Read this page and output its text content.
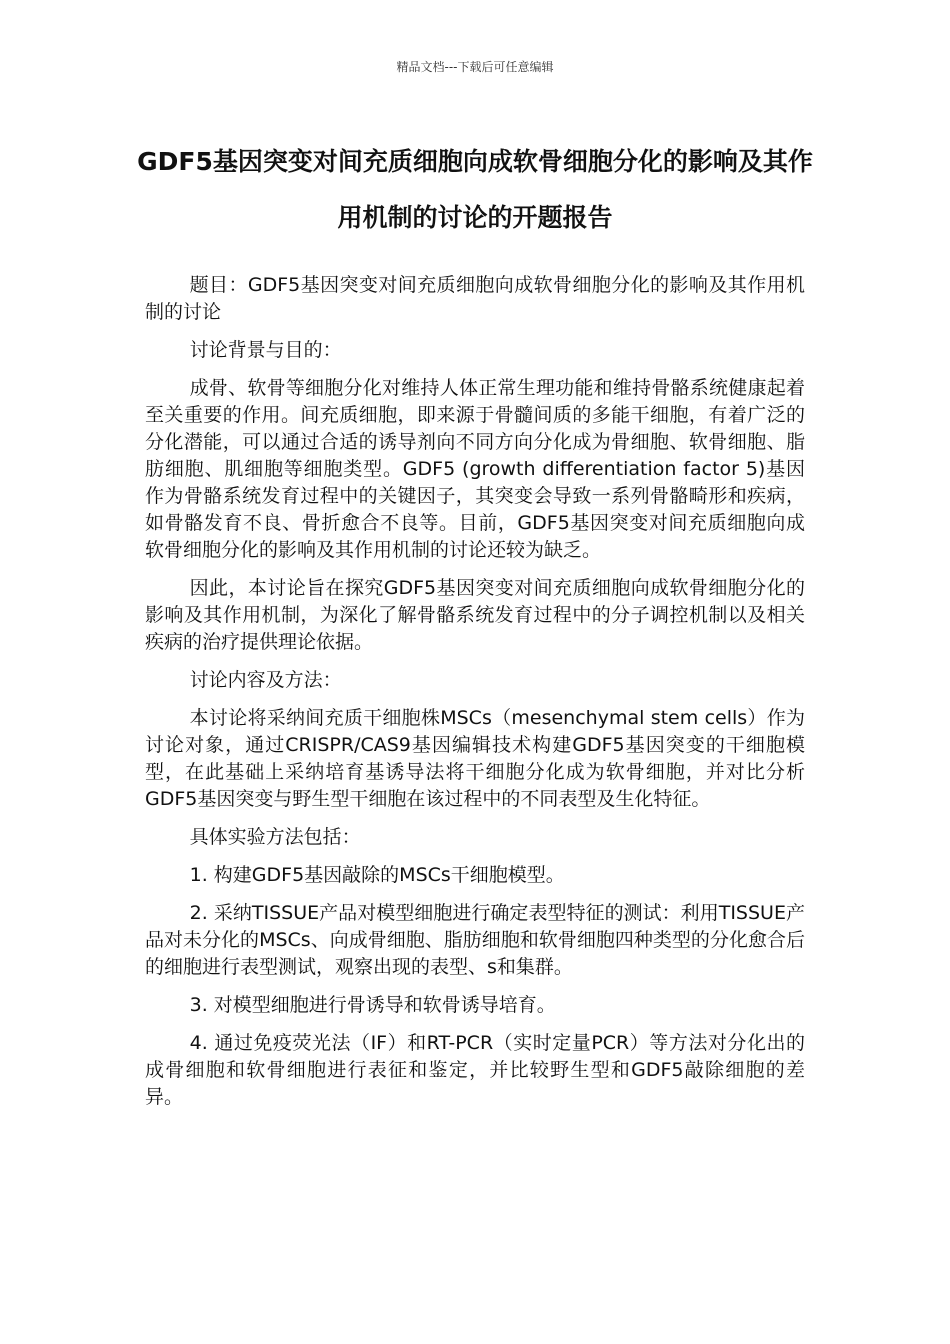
精品文档---下载后可任意编辑
GDF5基因突变对间充质细胞向成软骨细胞分化的影响及其作用机制的讨论的开题报告

题目：GDF5基因突变对间充质细胞向成软骨细胞分化的影响及其作用机制的讨论

讨论背景与目的：

成骨、软骨等细胞分化对维持人体正常生理功能和维持骨骼系统健康起着至关重要的作用。间充质细胞，即来源于骨髓间质的多能干细胞，有着广泛的分化潜能，可以通过合适的诱导剂向不同方向分化成为骨细胞、软骨细胞、脂肪细胞、肌细胞等细胞类型。GDF5 (growth differentiation factor 5)基因作为骨骼系统发育过程中的关键因子，其突变会导致一系列骨骼畸形和疾病，如骨骼发育不良、骨折愈合不良等。目前，GDF5基因突变对间充质细胞向成软骨细胞分化的影响及其作用机制的讨论还较为缺乏。

因此，本讨论旨在探究GDF5基因突变对间充质细胞向成软骨细胞分化的影响及其作用机制，为深化了解骨骼系统发育过程中的分子调控机制以及相关疾病的治疗提供理论依据。

讨论内容及方法：

本讨论将采纳间充质干细胞株MSCs（mesenchymal stem cells）作为讨论对象，通过CRISPR/CAS9基因编辑技术构建GDF5基因突变的干细胞模型，在此基础上采纳培育基诱导法将干细胞分化成为软骨细胞，并对比分析GDF5基因突变与野生型干细胞在该过程中的不同表型及生化特征。

具体实验方法包括：

1. 构建GDF5基因敲除的MSCs干细胞模型。

2. 采纳TISSUE产品对模型细胞进行确定表型特征的测试：利用TISSUE产品对未分化的MSCs、向成骨细胞、脂肪细胞和软骨细胞四种类型的分化愈合后的细胞进行表型测试，观察出现的表型、s和集群。

3. 对模型细胞进行骨诱导和软骨诱导培育。

4. 通过免疫荧光法（IF）和RT-PCR（实时定量PCR）等方法对分化出的成骨细胞和软骨细胞进行表征和鉴定，并比较野生型和GDF5敲除细胞的差异。
